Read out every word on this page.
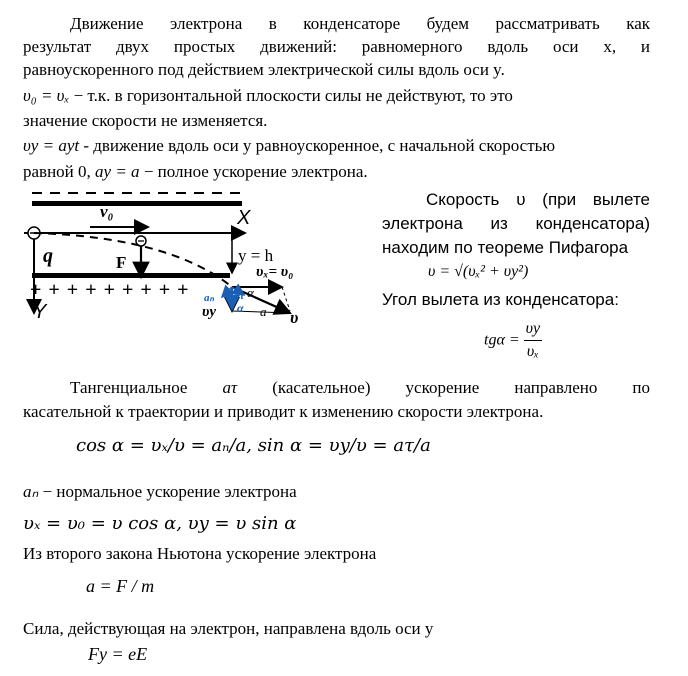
Движение электрона в конденсаторе будем рассматривать как
результат двух простых движений: равномерного вдоль оси x, и
равноускоренного под действием электрической силы вдоль оси y.
υ₀ = υₓ − т.к. в горизонтальной плоскости силы не действуют, то это
значение скорости не изменяется.
υy = ayt - движение вдоль оси y равноускоренное, с начальной скоростью
равной 0, ay = a − полное ускорение электрона.
v₀	X
q	F	y = h
υₓ= υ₀
+ + + + + + + + +
Y	υy
α
α a
aₙ aτ
υ
Скорость υ (при вылете
электрона из конденсатора)
находим по теореме Пифагора
υ = √(υₓ² + υy²)
Угол вылета из конденсатора:
$tg\alpha = \frac{\upsilon y}{\text{υₓ}}$
Тангенциальное aτ (касательное) ускорение направлено по
касательной к траектории и приводит к изменению скорости электрона.
cos α = υₓ/υ = aₙ/a, sin α = υy/υ = aτ/a
aₙ − нормальное ускорение электрона
υₓ = υ₀ = υ cos α, υy = υ sin α
Из второго закона Ньютона ускорение электрона
a = F / m
Сила, действующая на электрон, направлена вдоль оси y
Fy = eE
